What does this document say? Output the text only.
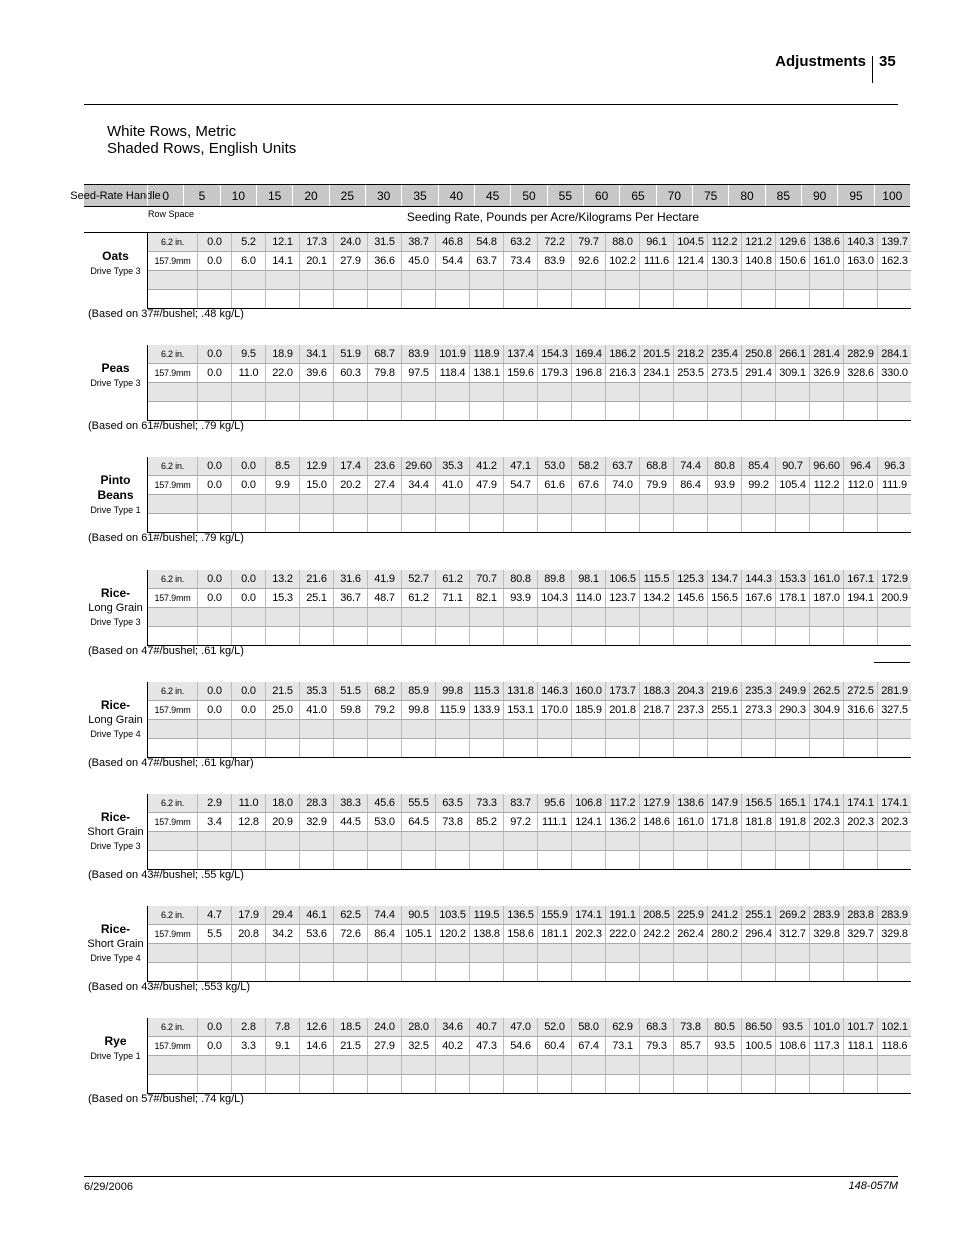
Adjustments 35
White Rows, Metric
Shaded Rows, English Units
Seed-Rate Handle 0	5	10	15	20	25	30	35	40	45	50	55	60	65	70	75	80	85	90	95	100
Row Space	Seeding Rate, Pounds per Acre/Kilograms Per Hectare
Oats
Drive Type 3
6.2 in.	0.0	5.2	12.1	17.3	24.0	31.5	38.7	46.8	54.8	63.2	72.2	79.7	88.0	96.1 104.5 112.2 121.2 129.6 138.6 140.3 139.7
157.9mm	0.0	6.0	14.1	20.1	27.9	36.6	45.0	54.4	63.7	73.4	83.9	92.6 102.2 111.6 121.4 130.3 140.8 150.6 161.0 163.0 162.3
(Based on 37#/bushel; .48 kg/L)
Peas
Drive Type 3
6.2 in.	0.0	9.5	18.9	34.1	51.9	68.7	83.9 101.9 118.9 137.4 154.3 169.4 186.2 201.5 218.2 235.4 250.8 266.1 281.4 282.9 284.1
157.9mm	0.0	11.0	22.0	39.6	60.3	79.8	97.5 118.4 138.1 159.6 179.3 196.8 216.3 234.1 253.5 273.5 291.4 309.1 326.9 328.6 330.0
(Based on 61#/bushel; .79 kg/L)
Pinto
Beans
Drive Type 1
6.2 in.	0.0	0.0	8.5	12.9	17.4	23.6 29.60 35.3	41.2	47.1	53.0	58.2	63.7	68.8	74.4	80.8	85.4	90.7 96.60 96.4	96.3
157.9mm	0.0	0.0	9.9	15.0	20.2	27.4	34.4	41.0	47.9	54.7	61.6	67.6	74.0	79.9	86.4	93.9	99.2 105.4 112.2 112.0 111.9
(Based on 61#/bushel; .79 kg/L)
Rice-
Long Grain
Drive Type 3
6.2 in.	0.0	0.0	13.2	21.6	31.6	41.9	52.7	61.2	70.7	80.8	89.8	98.1 106.5 115.5 125.3 134.7 144.3 153.3 161.0 167.1 172.9
157.9mm	0.0	0.0	15.3	25.1	36.7	48.7	61.2	71.1	82.1	93.9 104.3 114.0 123.7 134.2 145.6 156.5 167.6 178.1 187.0 194.1 200.9
(Based on 47#/bushel; .61 kg/L)
Rice-
Long Grain
Drive Type 4
6.2 in.	0.0	0.0	21.5	35.3	51.5	68.2	85.9	99.8 115.3 131.8 146.3 160.0 173.7 188.3 204.3 219.6 235.3 249.9 262.5 272.5 281.9
157.9mm	0.0	0.0	25.0	41.0	59.8	79.2	99.8 115.9 133.9 153.1 170.0 185.9 201.8 218.7 237.3 255.1 273.3 290.3 304.9 316.6 327.5
(Based on 47#/bushel; .61 kg/har)
Rice-
Short Grain
Drive Type 3
6.2 in.	2.9	11.0	18.0	28.3	38.3	45.6	55.5	63.5	73.3	83.7	95.6 106.8 117.2 127.9 138.6 147.9 156.5 165.1 174.1 174.1 174.1
157.9mm	3.4	12.8	20.9	32.9	44.5	53.0	64.5	73.8	85.2	97.2	111.1 124.1 136.2 148.6 161.0 171.8 181.8 191.8 202.3 202.3 202.3
(Based on 43#/bushel; .55 kg/L)
Rice-
Short Grain
Drive Type 4
6.2 in.	4.7	17.9	29.4	46.1	62.5	74.4	90.5 103.5 119.5 136.5 155.9 174.1 191.1 208.5 225.9 241.2 255.1 269.2 283.9 283.8 283.9
157.9mm	5.5	20.8	34.2	53.6	72.6	86.4 105.1 120.2 138.8 158.6 181.1 202.3 222.0 242.2 262.4 280.2 296.4 312.7 329.8 329.7 329.8
(Based on 43#/bushel; .553 kg/L)
Rye
Drive Type 1
6.2 in.	0.0	2.8	7.8	12.6	18.5	24.0	28.0	34.6	40.7	47.0	52.0	58.0	62.9	68.3	73.8	80.5 86.50 93.5 101.0 101.7 102.1
157.9mm	0.0	3.3	9.1	14.6	21.5	27.9	32.5	40.2	47.3	54.6	60.4	67.4	73.1	79.3	85.7	93.5 100.5 108.6 117.3 118.1 118.6
(Based on 57#/bushel; .74 kg/L)
6/29/2006	148-057M
